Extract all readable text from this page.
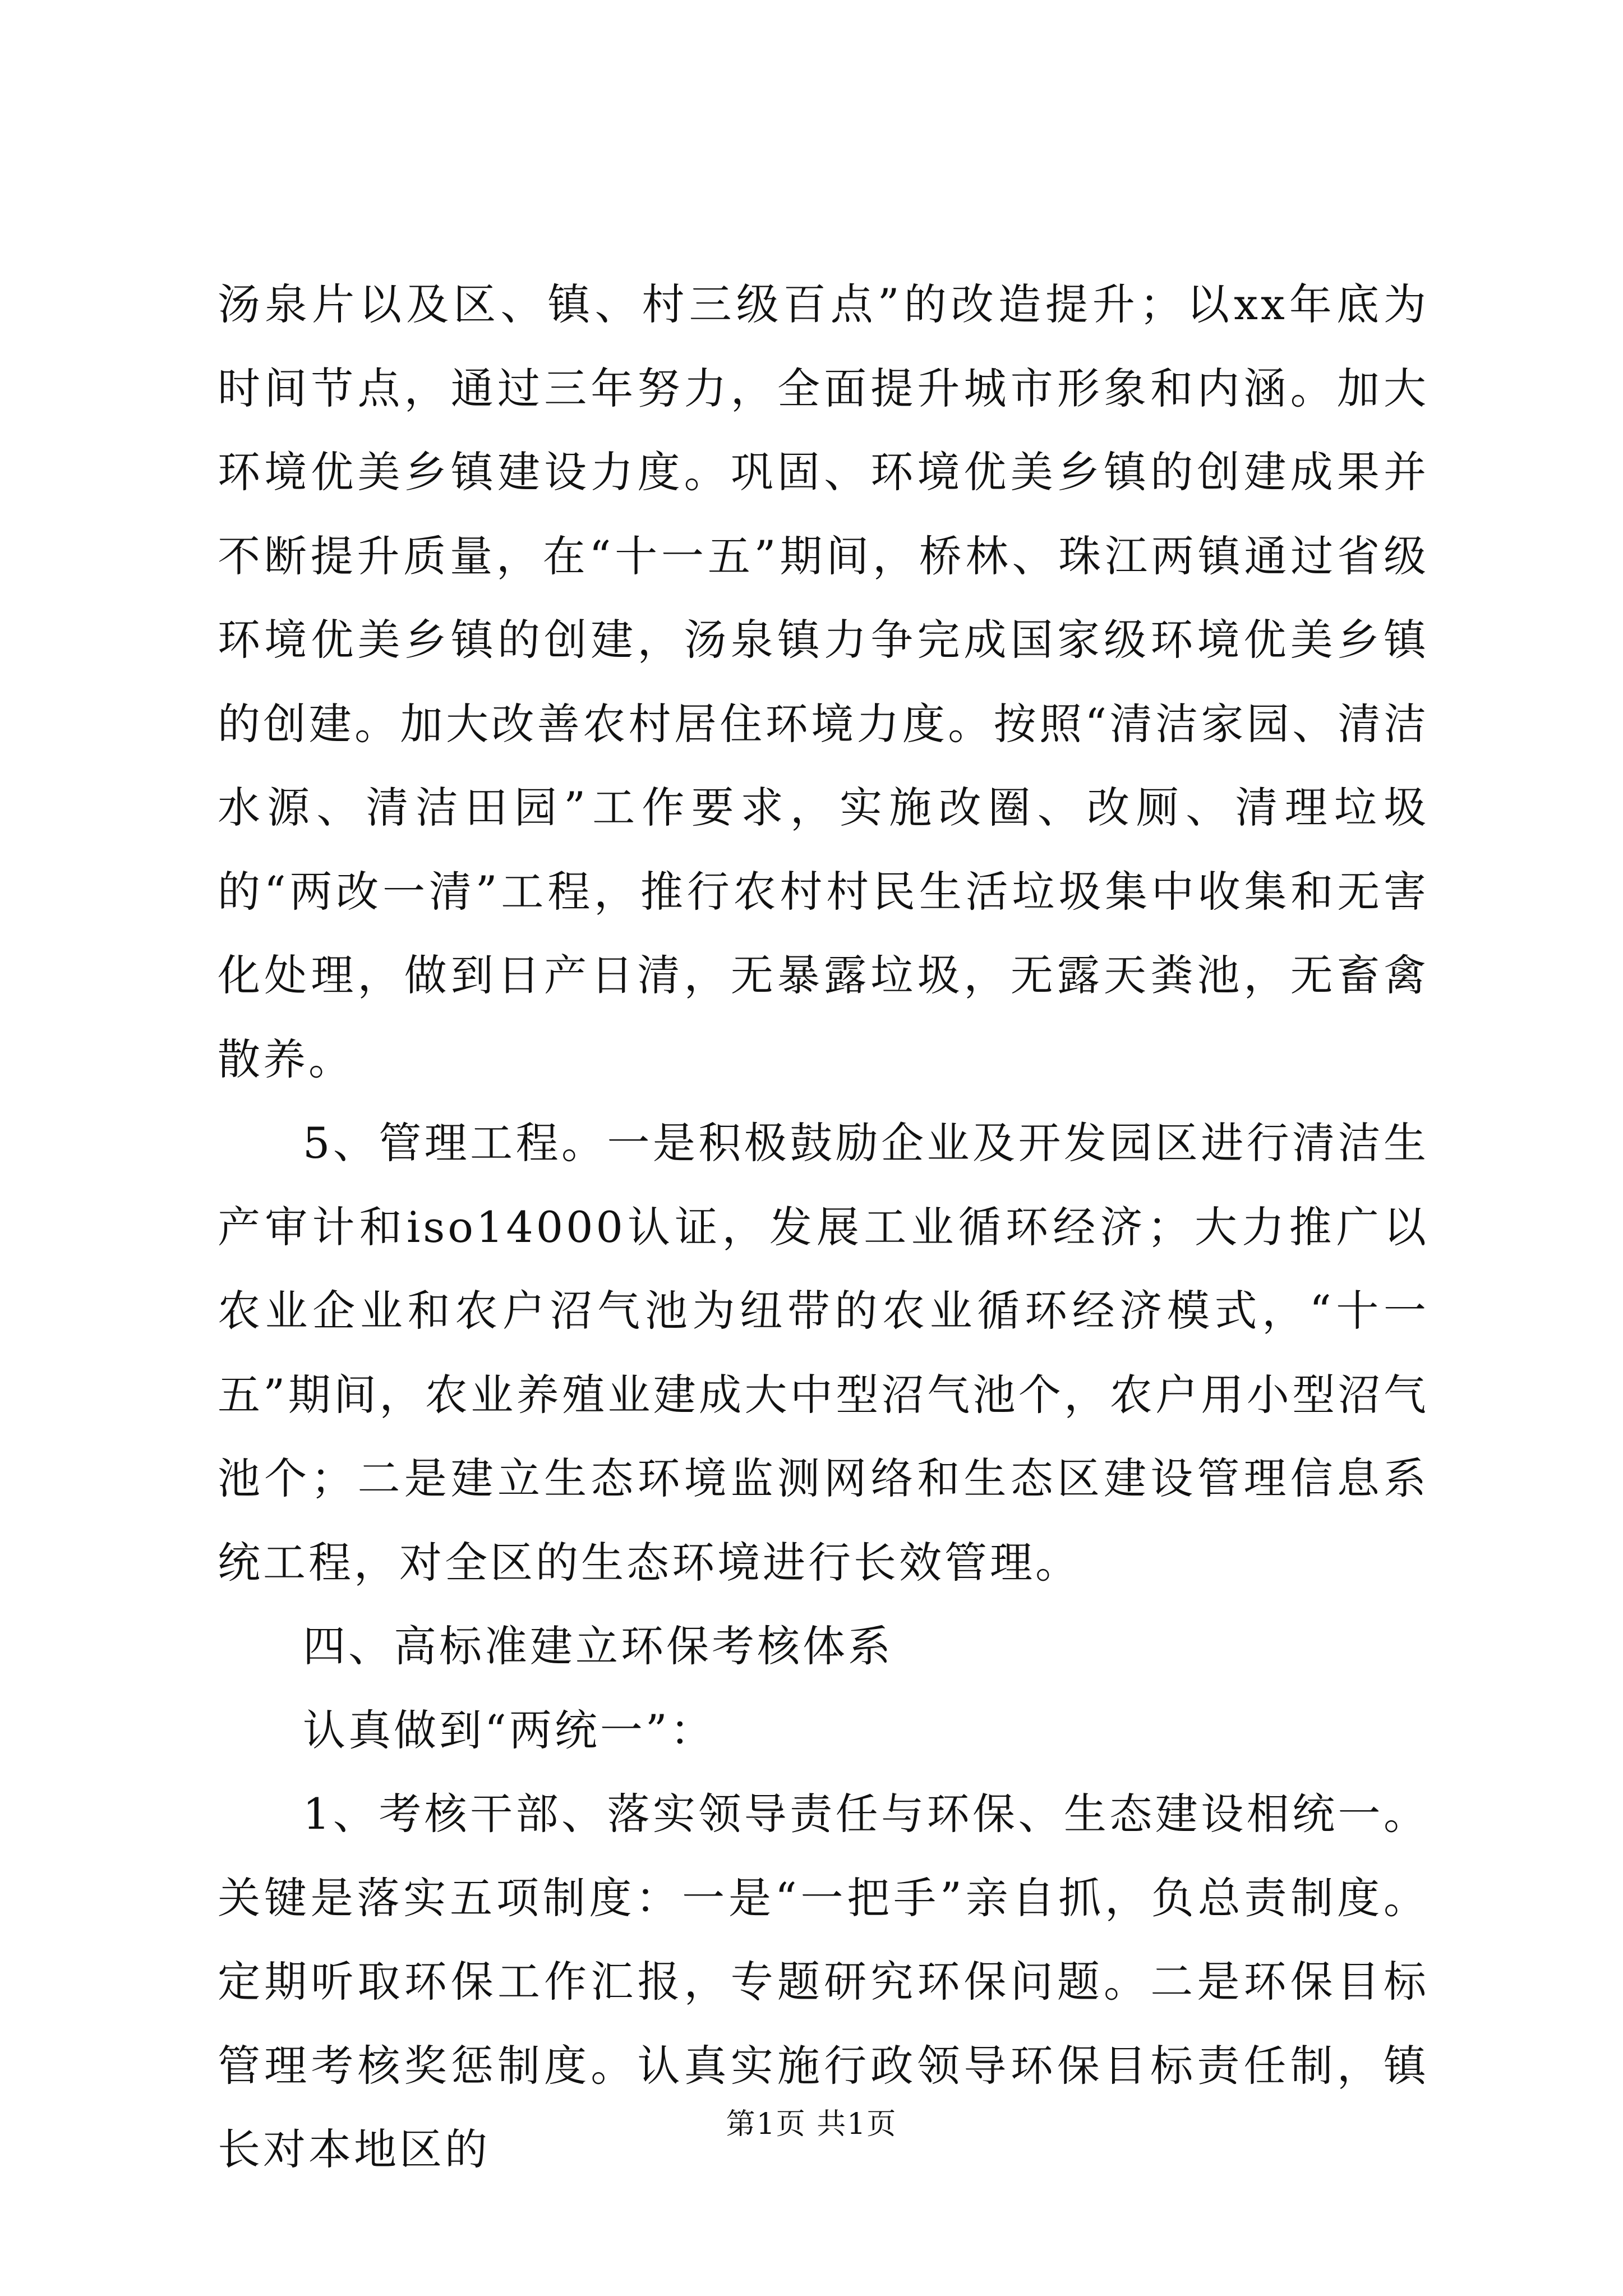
汤泉片以及区、镇、村三级百点”的改造提升；以xx年底为时间节点，通过三年努力，全面提升城市形象和内涵。加大环境优美乡镇建设力度。巩固、环境优美乡镇的创建成果并不断提升质量，在“十一五”期间，桥林、珠江两镇通过省级环境优美乡镇的创建，汤泉镇力争完成国家级环境优美乡镇的创建。加大改善农村居住环境力度。按照“清洁家园、清洁水源、清洁田园”工作要求，实施改圈、改厕、清理垃圾的“两改一清”工程，推行农村村民生活垃圾集中收集和无害化处理，做到日产日清，无暴露垃圾，无露天粪池，无畜禽散养。

5、管理工程。一是积极鼓励企业及开发园区进行清洁生产审计和iso14000认证，发展工业循环经济；大力推广以农业企业和农户沼气池为纽带的农业循环经济模式，“十一五”期间，农业养殖业建成大中型沼气池个，农户用小型沼气池个；二是建立生态环境监测网络和生态区建设管理信息系统工程，对全区的生态环境进行长效管理。

四、高标准建立环保考核体系

认真做到“两统一”：

1、考核干部、落实领导责任与环保、生态建设相统一。关键是落实五项制度：一是“一把手”亲自抓，负总责制度。定期听取环保工作汇报，专题研究环保问题。二是环保目标管理考核奖惩制度。认真实施行政领导环保目标责任制，镇长对本地区的	第1页 共1页
